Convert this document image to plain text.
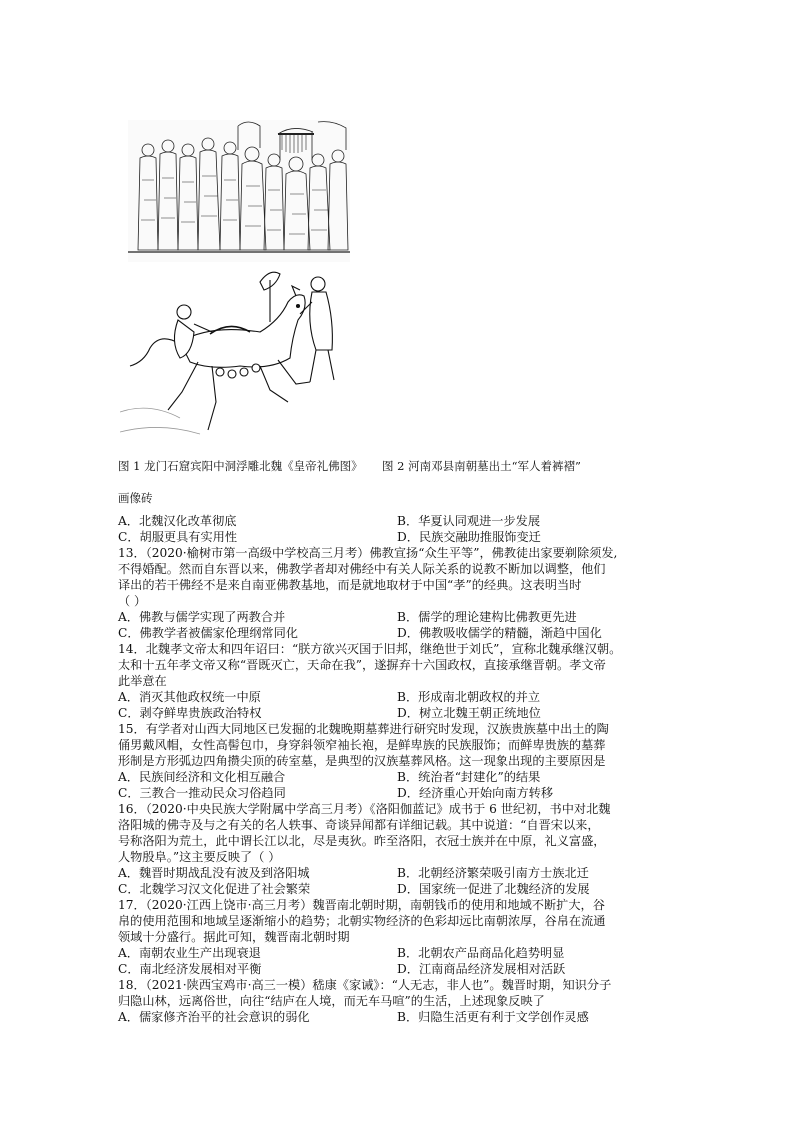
图 1 龙门石窟宾阳中洞浮雕北魏《皇帝礼佛图》 图 2 河南邓县南朝墓出土“军人着裤褶”
画像砖
A．北魏汉化改革彻底	B．华夏认同观进一步发展
C．胡服更具有实用性	D．民族交融助推服饰变迁
13．（2020·榆树市第一高级中学校高三月考）佛教宣扬“众生平等”，佛教徒出家要剃除须发,
不得婚配。然而自东晋以来，佛教学者却对佛经中有关人际关系的说教不断加以调整，他们
译出的若干佛经不是来自南亚佛教基地，而是就地取材于中国“孝”的经典。这表明当时
（ ）
A．佛教与儒学实现了两教合并	B．儒学的理论建构比佛教更先进
C．佛教学者被儒家伦理纲常同化	D．佛教吸收儒学的精髓，渐趋中国化
14．北魏孝文帝太和四年诏曰：“朕方欲兴灭国于旧邦，继绝世于刘氏”，宣称北魏承继汉朝。
太和十五年孝文帝又称“晋既灭亡，天命在我”，遂摒弃十六国政权，直接承继晋朝。孝文帝
此举意在
A．消灭其他政权统一中原	B．形成南北朝政权的并立
C．剥夺鲜卑贵族政治特权	D．树立北魏王朝正统地位
15．有学者对山西大同地区已发掘的北魏晚期墓葬进行研究时发现，汉族贵族墓中出土的陶
俑男戴风帽，女性高髻包巾，身穿斜领窄袖长袍，是鲜卑族的民族服饰；而鲜卑贵族的墓葬
形制是方形弧边四角攒尖顶的砖室墓，是典型的汉族墓葬风格。这一现象出现的主要原因是
A．民族间经济和文化相互融合	B．统治者“封建化”的结果
C．三教合一推动民众习俗趋同	D．经济重心开始向南方转移
16．（2020·中央民族大学附属中学高三月考）《洛阳伽蓝记》成书于 6 世纪初，书中对北魏
洛阳城的佛寺及与之有关的名人轶事、奇谈异闻都有详细记载。其中说道：“自晋宋以来，
号称洛阳为荒土，此中谓长江以北，尽是夷狄。昨至洛阳，衣冠士族并在中原，礼义富盛，
人物殷阜。”这主要反映了（ ）
A．魏晋时期战乱没有波及到洛阳城	B．北朝经济繁荣吸引南方士族北迁
C．北魏学习汉文化促进了社会繁荣	D．国家统一促进了北魏经济的发展
17．（2020·江西上饶市·高三月考）魏晋南北朝时期，南朝钱币的使用和地域不断扩大，谷
帛的使用范围和地域呈逐渐缩小的趋势；北朝实物经济的色彩却远比南朝浓厚，谷帛在流通
领域十分盛行。据此可知，魏晋南北朝时期
A．南朝农业生产出现衰退	B．北朝农产品商品化趋势明显
C．南北经济发展相对平衡	D．江南商品经济发展相对活跃
18．（2021·陕西宝鸡市·高三一模）嵇康《家诫》：“人无志，非人也”。魏晋时期，知识分子
归隐山林，远离俗世，向往“结庐在人境，而无车马喧”的生活，上述现象反映了
A．儒家修齐治平的社会意识的弱化	B．归隐生活更有利于文学创作灵感
